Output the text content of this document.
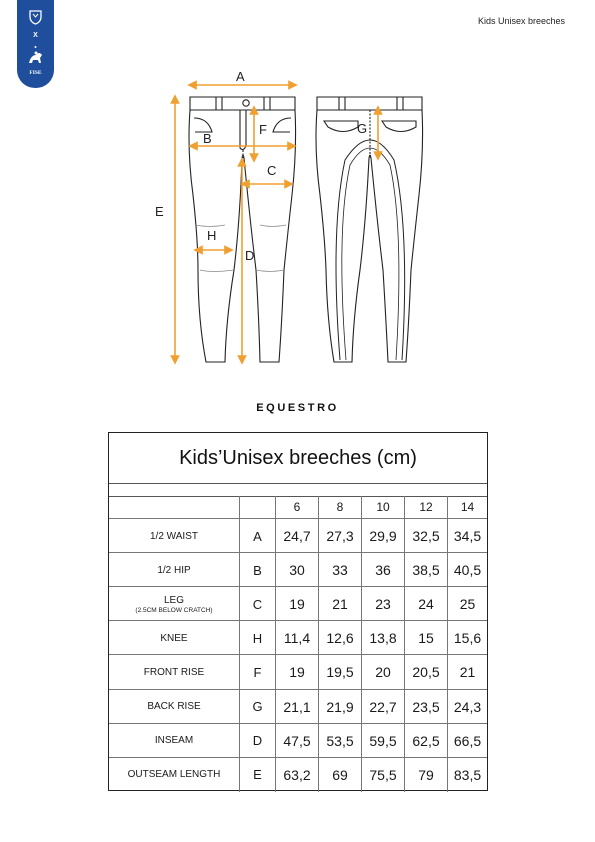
X
FISE
Kids Unisex breeches
A
F
B
C
E
H
D
G
EQUESTRO
Kids’Unisex breeches (cm)
6	8	10	12	14
1/2 WAIST	A	24,7	27,3	29,9	32,5	34,5
1/2 HIP	B	30	33	36	38,5	40,5
LEG
(2.5CM BELOW CRATCH)	C	19	21	23	24	25
KNEE	H	11,4	12,6	13,8	15	15,6
FRONT RISE	F	19	19,5	20	20,5	21
BACK RISE	G	21,1	21,9	22,7	23,5	24,3
INSEAM	D	47,5	53,5	59,5	62,5	66,5
OUTSEAM LENGTH	E	63,2	69	75,5	79	83,5
